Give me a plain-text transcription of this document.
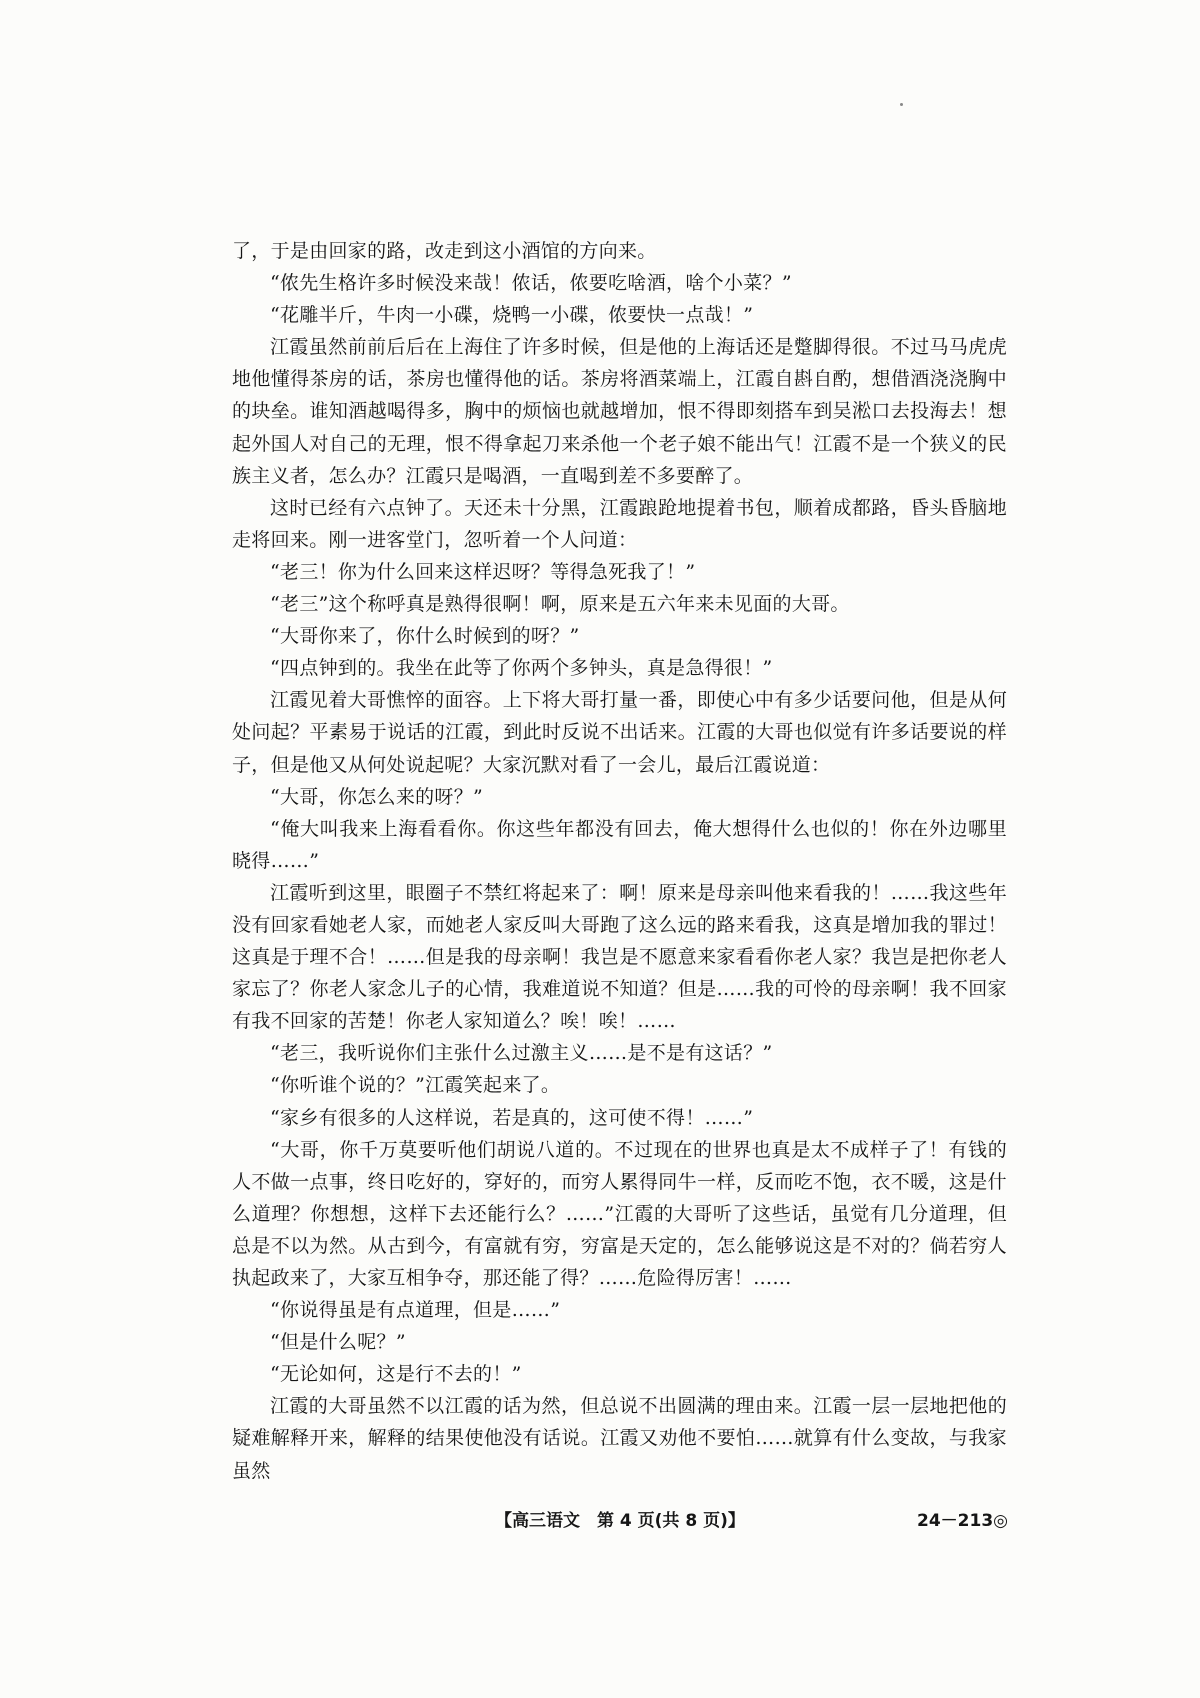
了，于是由回家的路，改走到这小酒馆的方向来。

“侬先生格许多时候没来哉！侬话，侬要吃啥酒，啥个小菜？”

“花雕半斤，牛肉一小碟，烧鸭一小碟，侬要快一点哉！”

江霞虽然前前后后在上海住了许多时候，但是他的上海话还是蹩脚得很。不过马马虎虎地他懂得茶房的话，茶房也懂得他的话。茶房将酒菜端上，江霞自斟自酌，想借酒浇浇胸中的块垒。谁知酒越喝得多，胸中的烦恼也就越增加，恨不得即刻搭车到吴淞口去投海去！想起外国人对自己的无理，恨不得拿起刀来杀他一个老子娘不能出气！江霞不是一个狭义的民族主义者，怎么办？江霞只是喝酒，一直喝到差不多要醉了。

这时已经有六点钟了。天还未十分黑，江霞踉跄地提着书包，顺着成都路，昏头昏脑地走将回来。刚一进客堂门，忽听着一个人问道：

“老三！你为什么回来这样迟呀？等得急死我了！”

“老三”这个称呼真是熟得很啊！啊，原来是五六年来未见面的大哥。

“大哥你来了，你什么时候到的呀？”

“四点钟到的。我坐在此等了你两个多钟头，真是急得很！”

江霞见着大哥憔悴的面容。上下将大哥打量一番，即使心中有多少话要问他，但是从何处问起？平素易于说话的江霞，到此时反说不出话来。江霞的大哥也似觉有许多话要说的样子，但是他又从何处说起呢？大家沉默对看了一会儿，最后江霞说道：

“大哥，你怎么来的呀？”

“俺大叫我来上海看看你。你这些年都没有回去，俺大想得什么也似的！你在外边哪里晓得……”

江霞听到这里，眼圈子不禁红将起来了：啊！原来是母亲叫他来看我的！……我这些年没有回家看她老人家，而她老人家反叫大哥跑了这么远的路来看我，这真是增加我的罪过！这真是于理不合！……但是我的母亲啊！我岂是不愿意来家看看你老人家？我岂是把你老人家忘了？你老人家念儿子的心情，我难道说不知道？但是……我的可怜的母亲啊！我不回家有我不回家的苦楚！你老人家知道么？唉！唉！……

“老三，我听说你们主张什么过激主义……是不是有这话？”

“你听谁个说的？”江霞笑起来了。

“家乡有很多的人这样说，若是真的，这可使不得！……”

“大哥，你千万莫要听他们胡说八道的。不过现在的世界也真是太不成样子了！有钱的人不做一点事，终日吃好的，穿好的，而穷人累得同牛一样，反而吃不饱，衣不暖，这是什么道理？你想想，这样下去还能行么？……”江霞的大哥听了这些话，虽觉有几分道理，但总是不以为然。从古到今，有富就有穷，穷富是天定的，怎么能够说这是不对的？倘若穷人执起政来了，大家互相争夺，那还能了得？……危险得厉害！……

“你说得虽是有点道理，但是……”

“但是什么呢？”

“无论如何，这是行不去的！”

江霞的大哥虽然不以江霞的话为然，但总说不出圆满的理由来。江霞一层一层地把他的疑难解释开来，解释的结果使他没有话说。江霞又劝他不要怕……就算有什么变故，与我家虽然

【高三语文　第 4 页(共 8 页)】	24－213◎
